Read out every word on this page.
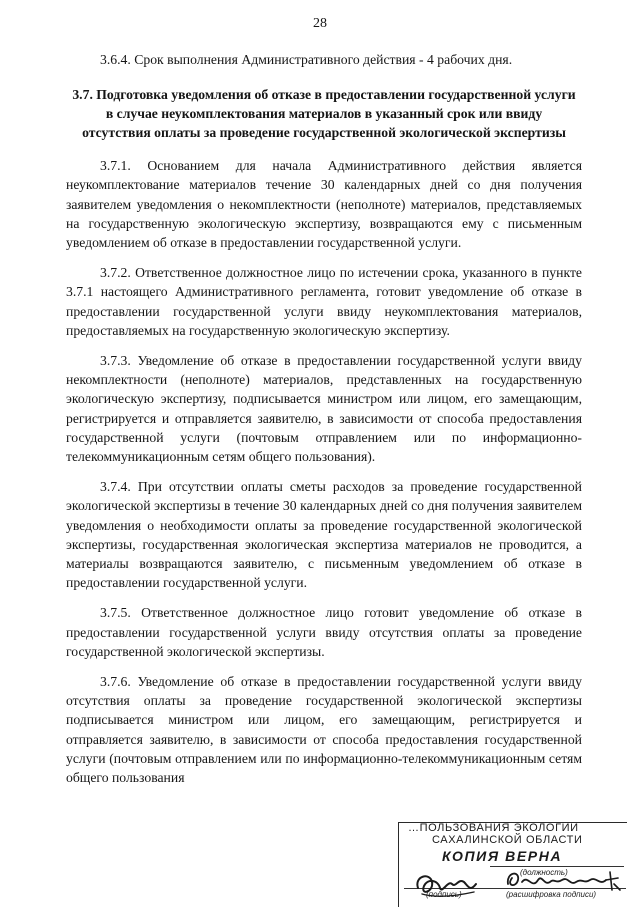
28

3.6.4. Срок выполнения Административного действия - 4 рабочих дня.

3.7. Подготовка уведомления об отказе в предоставлении государственной услуги в случае неукомплектования материалов в указанный срок или ввиду отсутствия оплаты за проведение государственной экологической экспертизы

3.7.1. Основанием для начала Административного действия является неукомплектование материалов течение 30 календарных дней со дня получения заявителем уведомления о некомплектности (неполноте) материалов, представляемых на государственную экологическую экспертизу, возвращаются ему с письменным уведомлением об отказе в предоставлении государственной услуги.

3.7.2. Ответственное должностное лицо по истечении срока, указанного в пункте 3.7.1 настоящего Административного регламента, готовит уведомление об отказе в предоставлении государственной услуги ввиду неукомплектования материалов, предоставляемых на государственную экологическую экспертизу.

3.7.3. Уведомление об отказе в предоставлении государственной услуги ввиду некомплектности (неполноте) материалов, представленных на государственную экологическую экспертизу, подписывается министром или лицом, его замещающим, регистрируется и отправляется заявителю, в зависимости от способа предоставления государственной услуги (почтовым отправлением или по информационно-телекоммуникационным сетям общего пользования).

3.7.4. При отсутствии оплаты сметы расходов за проведение государственной экологической экспертизы в течение 30 календарных дней со дня получения заявителем уведомления о необходимости оплаты за проведение государственной экологической экспертизы, государственная экологическая экспертиза материалов не проводится, а материалы возвращаются заявителю, с письменным уведомлением об отказе в предоставлении государственной услуги.

3.7.5. Ответственное должностное лицо готовит уведомление об отказе в предоставлении государственной услуги ввиду отсутствия оплаты за проведение государственной экологической экспертизы.

3.7.6. Уведомление об отказе в предоставлении государственной услуги ввиду отсутствия оплаты за проведение государственной экологической экспертизы подписывается министром или лицом, его замещающим, регистрируется и отправляется заявителю, в зависимости от способа предоставления государственной услуги (почтовым отправлением или по информационно-телекоммуникационным сетям общего пользования

…ПОЛЬЗОВАНИЯ ЭКОЛОГИИ
САХАЛИНСКОЙ ОБЛАСТИ
КОПИЯ ВЕРНА
(должность)
(подпись)	(расшифровка подписи)
